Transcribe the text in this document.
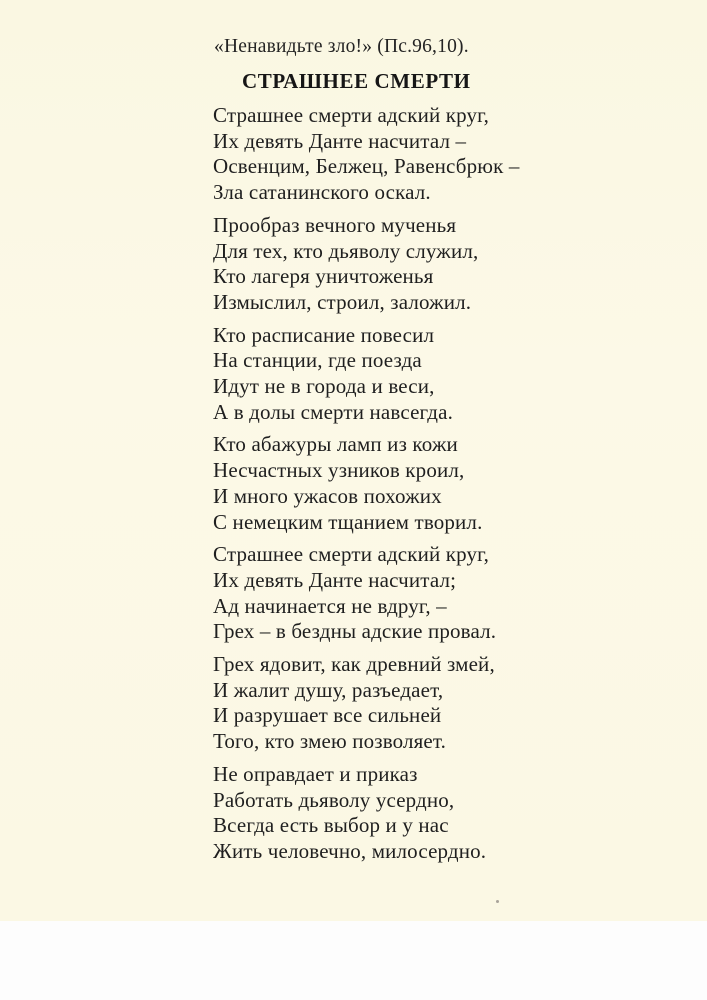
«Ненавидьте зло!» (Пс.96,10).

СТРАШНЕЕ СМЕРТИ
Страшнее смерти адский круг,
Их девять Данте насчитал –
Освенцим, Белжец, Равенсбрюк –
Зла сатанинского оскал.
Прообраз вечного мученья
Для тех, кто дьяволу служил,
Кто лагеря уничтоженья
Измыслил, строил, заложил.
Кто расписание повесил
На станции, где поезда
Идут не в города и веси,
А в долы смерти навсегда.
Кто абажуры ламп из кожи
Несчастных узников кроил,
И много ужасов похожих
С немецким тщанием творил.
Страшнее смерти адский круг,
Их девять Данте насчитал;
Ад начинается не вдруг, –
Грех – в бездны адские провал.
Грех ядовит, как древний змей,
И жалит душу, разъедает,
И разрушает все сильней
Того, кто змею позволяет.
Не оправдает и приказ
Работать дьяволу усердно,
Всегда есть выбор и у нас
Жить человечно, милосердно.
